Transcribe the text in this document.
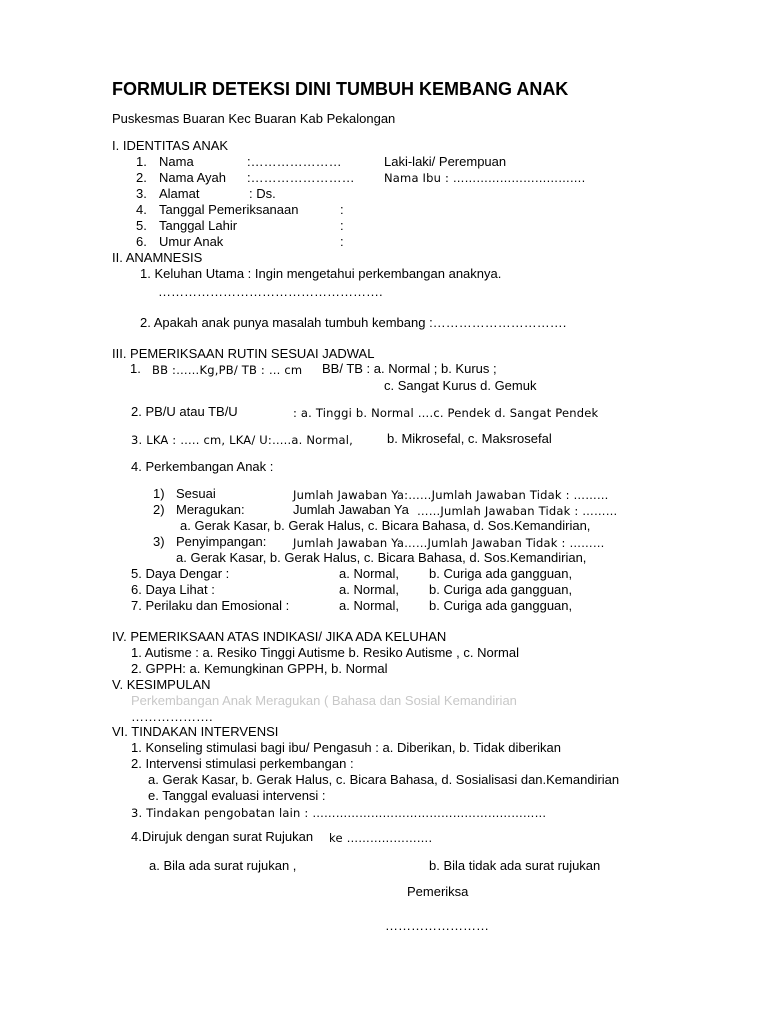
FORMULIR DETEKSI DINI TUMBUH KEMBANG ANAK
Puskesmas Buaran Kec Buaran Kab Pekalongan
I. IDENTITAS ANAK
1. Nama	:…………………	Laki-laki/ Perempuan
2. Nama Ayah :……………………	Nama Ibu : …………………………….
3. Alamat	: Ds.
4. Tanggal Pemeriksanaan	:
5. Tanggal Lahir	:
6. Umur Anak	:
II. ANAMNESIS
1. Keluhan Utama : Ingin mengetahui perkembangan anaknya.
…………………………………………….
2. Apakah anak punya masalah tumbuh kembang :………………………….
III. PEMERIKSAAN RUTIN SESUAI JADWAL
1. BB :……Kg,PB/ TB : … cm BB/ TB : a. Normal ; b. Kurus ;
c. Sangat Kurus d. Gemuk
2. PB/U atau TB/U	: a. Tinggi b. Normal ….c. Pendek d. Sangat Pendek
3. LKA : ….. cm, LKA/ U:…..a. Normal,	b. Mikrosefal, c. Maksrosefal
4. Perkembangan Anak :
1) Sesuai	Jumlah Jawaban Ya:……Jumlah Jawaban Tidak : ………
2) Meragukan:	Jumlah Jawaban Ya ……Jumlah Jawaban Tidak : ………
a. Gerak Kasar, b. Gerak Halus, c. Bicara Bahasa, d. Sos.Kemandirian,
3) Penyimpangan: Jumlah Jawaban Ya……Jumlah Jawaban Tidak : ………
a. Gerak Kasar, b. Gerak Halus, c. Bicara Bahasa, d. Sos.Kemandirian,
5. Daya Dengar :	a. Normal, b. Curiga ada gangguan,
6. Daya Lihat :	a. Normal, b. Curiga ada gangguan,
7. Perilaku dan Emosional :	a. Normal, b. Curiga ada gangguan,
IV. PEMERIKSAAN ATAS INDIKASI/ JIKA ADA KELUHAN
1. Autisme : a. Resiko Tinggi Autisme b. Resiko Autisme , c. Normal
2. GPPH: a. Kemungkinan GPPH, b. Normal
V. KESIMPULAN
Perkembangan Anak Meragukan ( Bahasa dan Sosial Kemandirian
……………….
VI. TINDAKAN INTERVENSI
1. Konseling stimulasi bagi ibu/ Pengasuh : a. Diberikan, b. Tidak diberikan
2. Intervensi stimulasi perkembangan :
a. Gerak Kasar, b. Gerak Halus, c. Bicara Bahasa, d. Sosialisasi dan.Kemandirian
e. Tanggal evaluasi intervensi :
3. Tindakan pengobatan lain : ……………………………………………………
4.Dirujuk dengan surat Rujukan ke ………………….
a. Bila ada surat rujukan ,	b. Bila tidak ada surat rujukan
Pemeriksa
……………………
